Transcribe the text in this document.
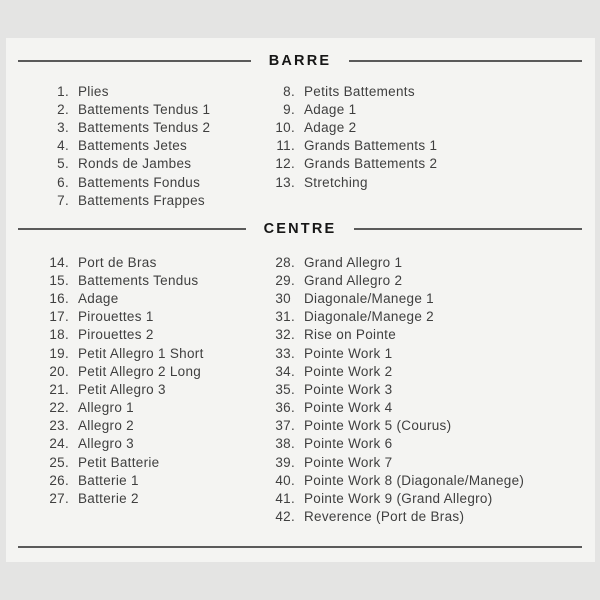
BARRE
1. Plies
2. Battements Tendus 1
3. Battements Tendus 2
4. Battements Jetes
5. Ronds de Jambes
6. Battements Fondus
7. Battements Frappes
8. Petits Battements
9. Adage 1
10. Adage 2
11. Grands Battements 1
12. Grands Battements 2
13. Stretching
CENTRE
14. Port de Bras
15. Battements Tendus
16. Adage
17. Pirouettes 1
18. Pirouettes 2
19. Petit Allegro 1 Short
20. Petit Allegro 2 Long
21. Petit Allegro 3
22. Allegro 1
23. Allegro 2
24. Allegro 3
25. Petit Batterie
26. Batterie 1
27. Batterie 2
28. Grand Allegro 1
29. Grand Allegro 2
30 Diagonale/Manege 1
31. Diagonale/Manege 2
32. Rise on Pointe
33. Pointe Work 1
34. Pointe Work 2
35. Pointe Work 3
36. Pointe Work 4
37. Pointe Work 5 (Courus)
38. Pointe Work 6
39. Pointe Work 7
40. Pointe Work 8 (Diagonale/Manege)
41. Pointe Work 9 (Grand Allegro)
42. Reverence (Port de Bras)
